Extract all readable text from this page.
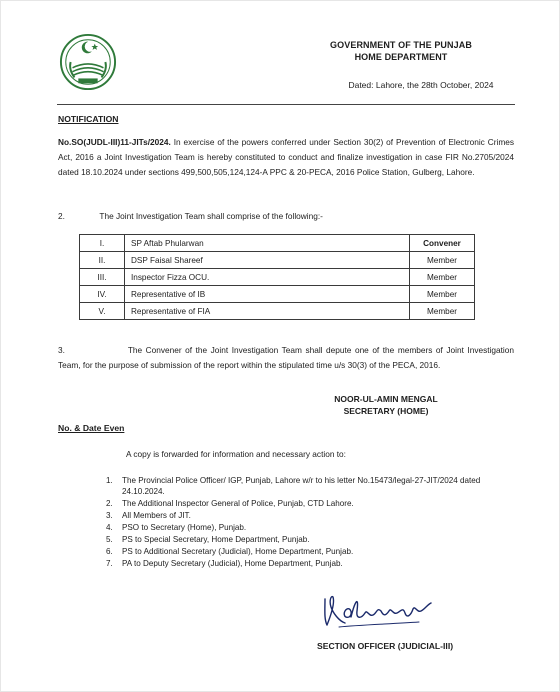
GOVERNMENT OF THE PUNJAB
HOME DEPARTMENT
Dated: Lahore, the 28th October, 2024
NOTIFICATION
No.SO(JUDL-III)11-JITs/2024. In exercise of the powers conferred under Section 30(2) of Prevention of Electronic Crimes Act, 2016 a Joint Investigation Team is hereby constituted to conduct and finalize investigation in case FIR No.2705/2024 dated 18.10.2024 under sections 499,500,505,124,124-A PPC & 20-PECA, 2016 Police Station, Gulberg, Lahore.
2.	The Joint Investigation Team shall comprise of the following:-
I.	SP Aftab Phularwan	Convener
II.	DSP Faisal Shareef	Member
III.	Inspector Fizza OCU.	Member
IV.	Representative of IB	Member
V.	Representative of FIA	Member
3.	The Convener of the Joint Investigation Team shall depute one of the members of Joint Investigation Team, for the purpose of submission of the report within the stipulated time u/s 30(3) of the PECA, 2016.
NOOR-UL-AMIN MENGAL
SECRETARY (HOME)
No. & Date Even
A copy is forwarded for information and necessary action to:
1. The Provincial Police Officer/ IGP, Punjab, Lahore w/r to his letter No.15473/legal-27-JIT/2024 dated 24.10.2024.
2. The Additional Inspector General of Police, Punjab, CTD Lahore.
3. All Members of JIT.
4. PSO to Secretary (Home), Punjab.
5. PS to Special Secretary, Home Department, Punjab.
6. PS to Additional Secretary (Judicial), Home Department, Punjab.
7. PA to Deputy Secretary (Judicial), Home Department, Punjab.
SECTION OFFICER (JUDICIAL-III)
